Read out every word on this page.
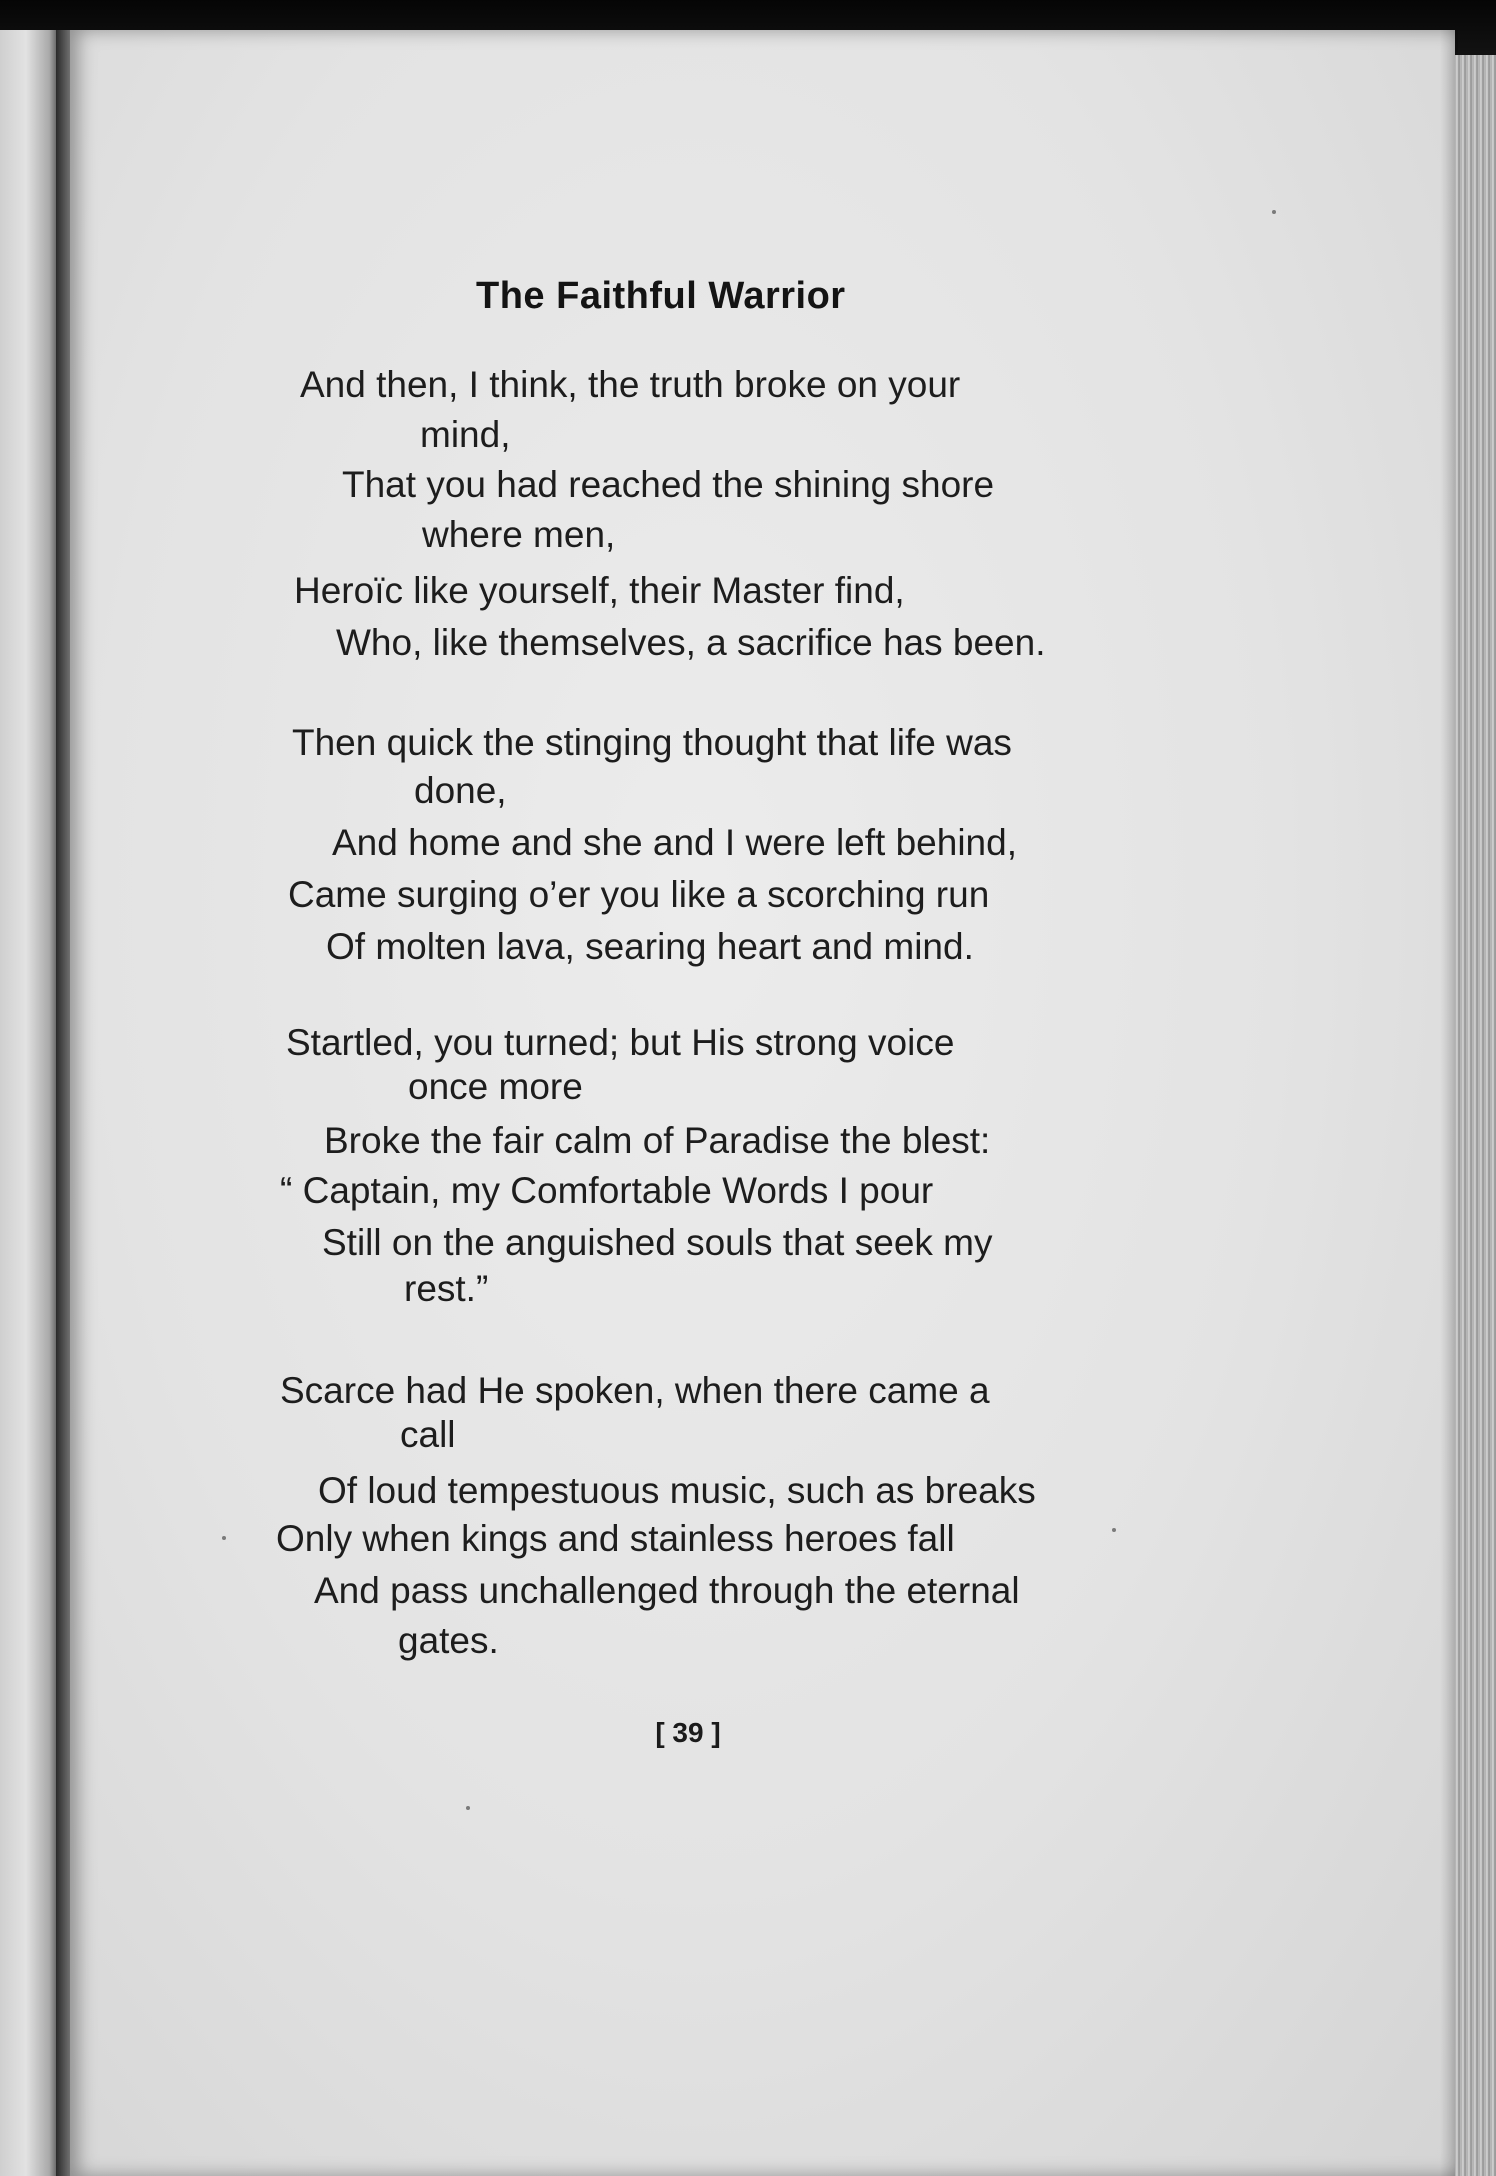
The Faithful Warrior
And then, I think, the truth broke on your
mind,
That you had reached the shining shore
where men,
Heroïc like yourself, their Master find,
Who, like themselves, a sacrifice has been.
Then quick the stinging thought that life was
done,
And home and she and I were left behind,
Came surging o’er you like a scorching run
Of molten lava, searing heart and mind.
Startled, you turned; but His strong voice
once more
Broke the fair calm of Paradise the blest:
“ Captain, my Comfortable Words I pour
Still on the anguished souls that seek my
rest.”
Scarce had He spoken, when there came a
call
Of loud tempestuous music, such as breaks
Only when kings and stainless heroes fall
And pass unchallenged through the eternal
gates.
[ 39 ]
